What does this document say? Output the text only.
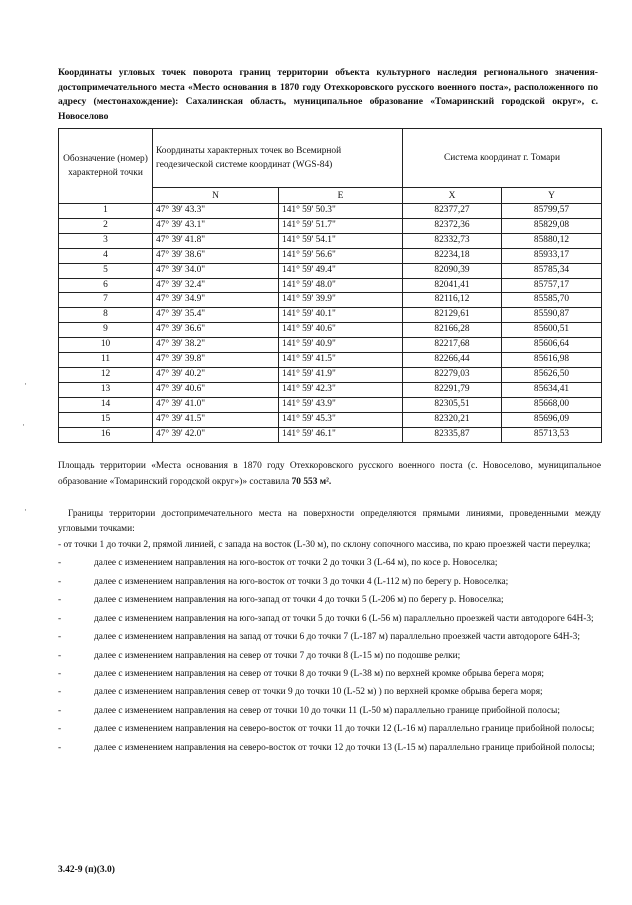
Координаты угловых точек поворота границ территории объекта культурного наследия регионального значения- достопримечательного места «Место основания в 1870 году Отехкоровского русского военного поста», расположенного по адресу (местонахождение): Сахалинская область, муниципальное образование «Томаринский городской округ», с. Новоселово
Обозначение (номер) характерной точки	Координаты характерных точек во Всемирной геодезической системе координат (WGS-84)		Система координат г. Томари	
	N	E	X	Y
1	47° 39' 43.3"	141° 59' 50.3"	82377,27	85799,57
2	47° 39' 43.1"	141° 59' 51.7"	82372,36	85829,08
3	47° 39' 41.8"	141° 59' 54.1"	82332,73	85880,12
4	47° 39' 38.6"	141° 59' 56.6"	82234,18	85933,17
5	47° 39' 34.0"	141° 59' 49.4"	82090,39	85785,34
6	47° 39' 32.4"	141° 59' 48.0"	82041,41	85757,17
7	47° 39' 34.9"	141° 59' 39.9"	82116,12	85585,70
8	47° 39' 35.4"	141° 59' 40.1"	82129,61	85590,87
9	47° 39' 36.6"	141° 59' 40.6"	82166,28	85600,51
10	47° 39' 38.2"	141° 59' 40.9"	82217,68	85606,64
11	47° 39' 39.8"	141° 59' 41.5"	82266,44	85616,98
12	47° 39' 40.2"	141° 59' 41.9"	82279,03	85626,50
13	47° 39' 40.6"	141° 59' 42.3"	82291,79	85634,41
14	47° 39' 41.0"	141° 59' 43.9"	82305,51	85668,00
15	47° 39' 41.5"	141° 59' 45.3"	82320,21	85696,09
16	47° 39' 42.0"	141° 59' 46.1"	82335,87	85713,53
Площадь территории «Места основания в 1870 году Отехкоровского русского военного поста (с. Новоселово, муниципальное образование «Томаринский городской округ»)» составила 70 553 м².

Границы территории достопримечательного места на поверхности определяются прямыми линиями, проведенными между угловыми точками:

- от точки 1 до точки 2, прямой линией, с запада на восток (L-30 м), по склону сопочного массива, по краю проезжей части переулка;

-	далее с изменением направления на юго-восток от точки 2 до точки 3 (L-64 м), по косе р. Новоселка;

-	далее с изменением направления на юго-восток от точки 3 до точки 4 (L-112 м) по берегу р. Новоселка;

-	далее с изменением направления на юго-запад от точки 4 до точки 5 (L-206 м) по берегу р. Новоселка;

-	далее с изменением направления на юго-запад от точки 5 до точки 6 (L-56 м) параллельно проезжей части автодороге 64Н-3;

-	далее с изменением направления на запад от точки 6 до точки 7 (L-187 м) параллельно проезжей части автодороге 64Н-3;

-	далее с изменением направления на север от точки 7 до точки 8 (L-15 м) по подошве релки;

-	далее с изменением направления на север от точки 8 до точки 9 (L-38 м) по верхней кромке обрыва берега моря;

-	далее с изменением направления север от точки 9 до точки 10 (L-52 м) ) по верхней кромке обрыва берега моря;

-	далее с изменением направления на север от точки 10 до точки 11 (L-50 м) параллельно границе прибойной полосы;

-	далее с изменением направления на северо-восток от точки 11 до точки 12 (L-16 м) параллельно границе прибойной полосы;

-	далее с изменением направления на северо-восток от точки 12 до точки 13 (L-15 м) параллельно границе прибойной полосы;

3.42-9 (п)(3.0)
·
·
·
